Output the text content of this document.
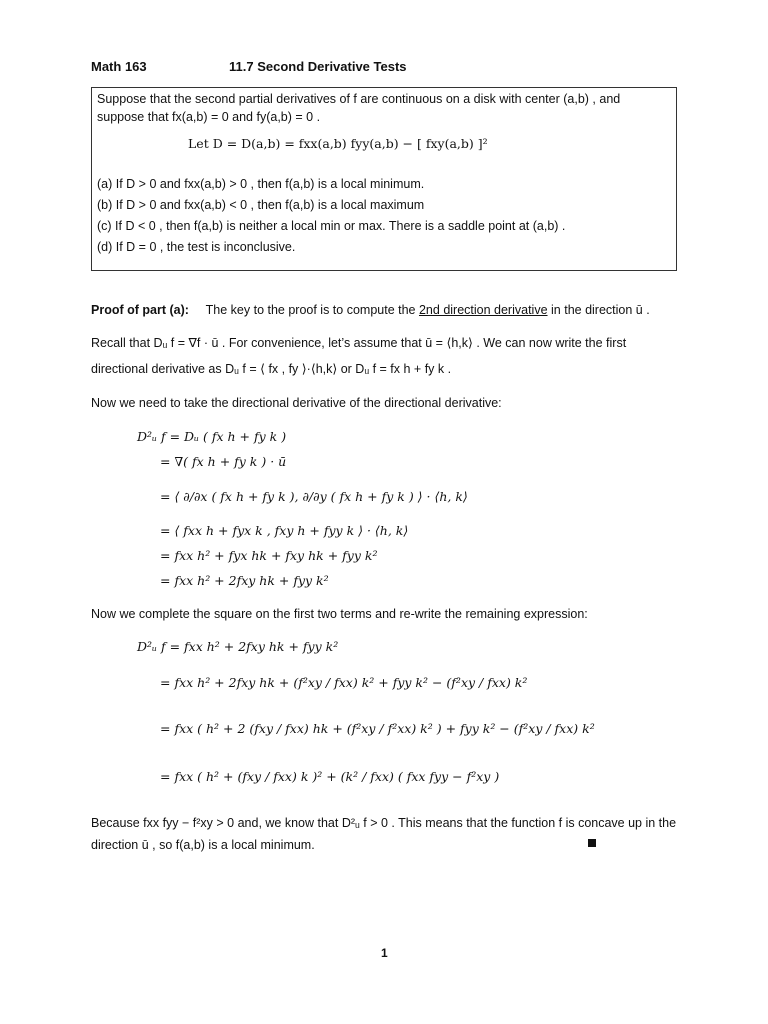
Math 163	11.7 Second Derivative Tests
Suppose that the second partial derivatives of f are continuous on a disk with center (a,b) , and
suppose that fx(a,b) = 0 and fy(a,b) = 0 .
Let D = D(a,b) = fxx(a,b) fyy(a,b) − [ fxy(a,b) ]²
(a) If D > 0 and fxx(a,b) > 0 , then f(a,b) is a local minimum.
(b) If D > 0 and fxx(a,b) < 0 , then f(a,b) is a local maximum
(c) If D < 0 , then f(a,b) is neither a local min or max. There is a saddle point at (a,b) .
(d) If D = 0 , the test is inconclusive.
Proof of part (a): The key to the proof is to compute the 2nd direction derivative in the direction ū .
Recall that Dᵤ f = ∇f · ū . For convenience, let’s assume that ū = ⟨h,k⟩ . We can now write the first
directional derivative as Dᵤ f = ⟨ fx , fy ⟩·⟨h,k⟩ or Dᵤ f = fx h + fy k .
Now we need to take the directional derivative of the directional derivative:
D²ᵤ f = Dᵤ ( fx h + fy k )
= ∇( fx h + fy k ) · ū
= ⟨ ∂/∂x ( fx h + fy k ), ∂/∂y ( fx h + fy k ) ⟩ · ⟨h, k⟩
= ⟨ fxx h + fyx k , fxy h + fyy k ⟩ · ⟨h, k⟩
= fxx h² + fyx hk + fxy hk + fyy k²
= fxx h² + 2fxy hk + fyy k²
Now we complete the square on the first two terms and re-write the remaining expression:
D²ᵤ f = fxx h² + 2fxy hk + fyy k²
= fxx h² + 2fxy hk + (f²xy / fxx) k² + fyy k² − (f²xy / fxx) k²
= fxx ( h² + 2 (fxy / fxx) hk + (f²xy / f²xx) k² ) + fyy k² − (f²xy / fxx) k²
= fxx ( h² + (fxy / fxx) k )² + (k² / fxx) ( fxx fyy − f²xy )
Because fxx fyy − f²xy > 0 and, we know that D²ᵤ f > 0 . This means that the function f is concave up in the
direction ū , so f(a,b) is a local minimum.
1
